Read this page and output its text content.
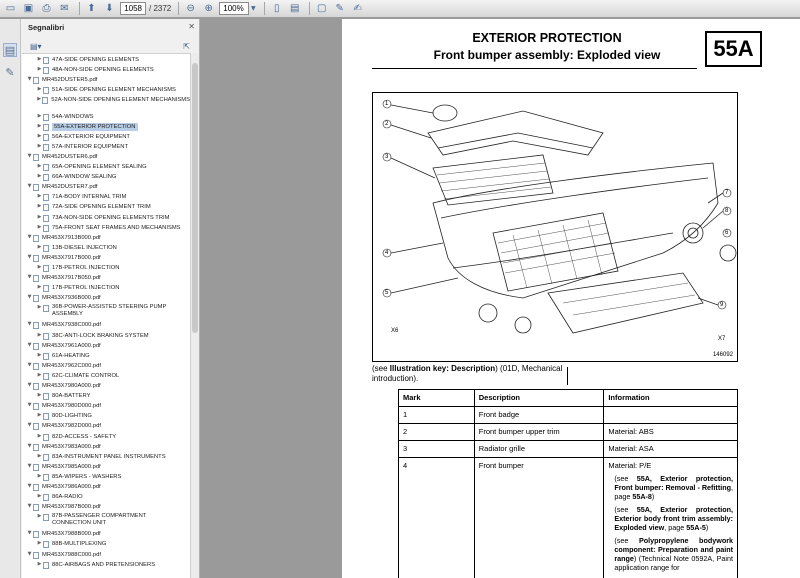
▭ ▣ ⎙ ✉	⬆ ⬇	1058 / 2372	⊖ ⊕	100%	▼	▯	▤ ▢ ✎ ✍
▤
✎
Segnalibri	✕
▤▾	⇱
▶ 47A-SIDE OPENING ELEMENTS
▶ 48A-NON-SIDE OPENING ELEMENTS
▼ MR452DUSTER5.pdf
▶ 51A-SIDE OPENING ELEMENT MECHANISMS
▶ 52A-NON-SIDE OPENING ELEMENT MECHANISMS
▶ 54A-WINDOWS
▶	55A-EXTERIOR PROTECTION
▶ 56A-EXTERIOR EQUIPMENT
▶ 57A-INTERIOR EQUIPMENT
▼ MR452DUSTER6.pdf
▶ 65A-OPENING ELEMENT SEALING
▶ 66A-WINDOW SEALING
▼ MR452DUSTER7.pdf
▶ 71A-BODY INTERNAL TRIM
▶ 72A-SIDE OPENING ELEMENT TRIM
▶ 73A-NON-SIDE OPENING ELEMENTS TRIM
▶ 75A-FRONT SEAT FRAMES AND MECHANISMS
▼ MR453X7913B000.pdf
▶ 13B-DIESEL INJECTION
▼ MR453X7917B000.pdf
▶ 17B-PETROL INJECTION
▼ MR453X7917B050.pdf
▶ 17B-PETROL INJECTION
▼ MR453X7936B000.pdf
▶ 36B-POWER-ASSISTED STEERING PUMP ASSEMBLY
▼ MR453X7938C000.pdf
▶ 38C-ANTI-LOCK BRAKING SYSTEM
▼ MR453X7961A000.pdf
▶ 61A-HEATING
▼ MR453X7962C000.pdf
▶ 62C-CLIMATE CONTROL
▼ MR453X7980A000.pdf
▶ 80A-BATTERY
▼ MR453X7980D000.pdf
▶ 80D-LIGHTING
▼ MR453X7982D000.pdf
▶ 82D-ACCESS - SAFETY
▼ MR453X7983A000.pdf
▶ 83A-INSTRUMENT PANEL INSTRUMENTS
▼ MR453X7985A000.pdf
▶ 85A-WIPERS - WASHERS
▼ MR453X7986A000.pdf
▶ 86A-RADIO
▼ MR453X7987B000.pdf
▶ 87B-PASSENGER COMPARTMENT CONNECTION UNIT
▼ MR453X7988B000.pdf
▶ 88B-MULTIPLEXING
▼ MR453X7988C000.pdf
▶ 88C-AIRBAGS AND PRETENSIONERS
EXTERIOR PROTECTION
Front bumper assembly: Exploded view	55A
1
2
3
4
5
6
7
8
9
X6
X7
146092
(see Illustration key: Description) (01D, Mechanical introduction).
Mark	Description	Information
1	Front badge	
2	Front bumper upper trim	Material: ABS
3	Radiator grille	Material: ASA
4	Front bumper	Material: P/E
(see 55A, Exterior protection, Front bumper: Removal - Refitting, page 55A-8)
(see 55A, Exterior protection, Exterior body front trim assembly: Exploded view, page 55A-5)
(see Polypropylene bodywork component: Preparation and paint range) (Technical Note 0592A, Paint application range for
